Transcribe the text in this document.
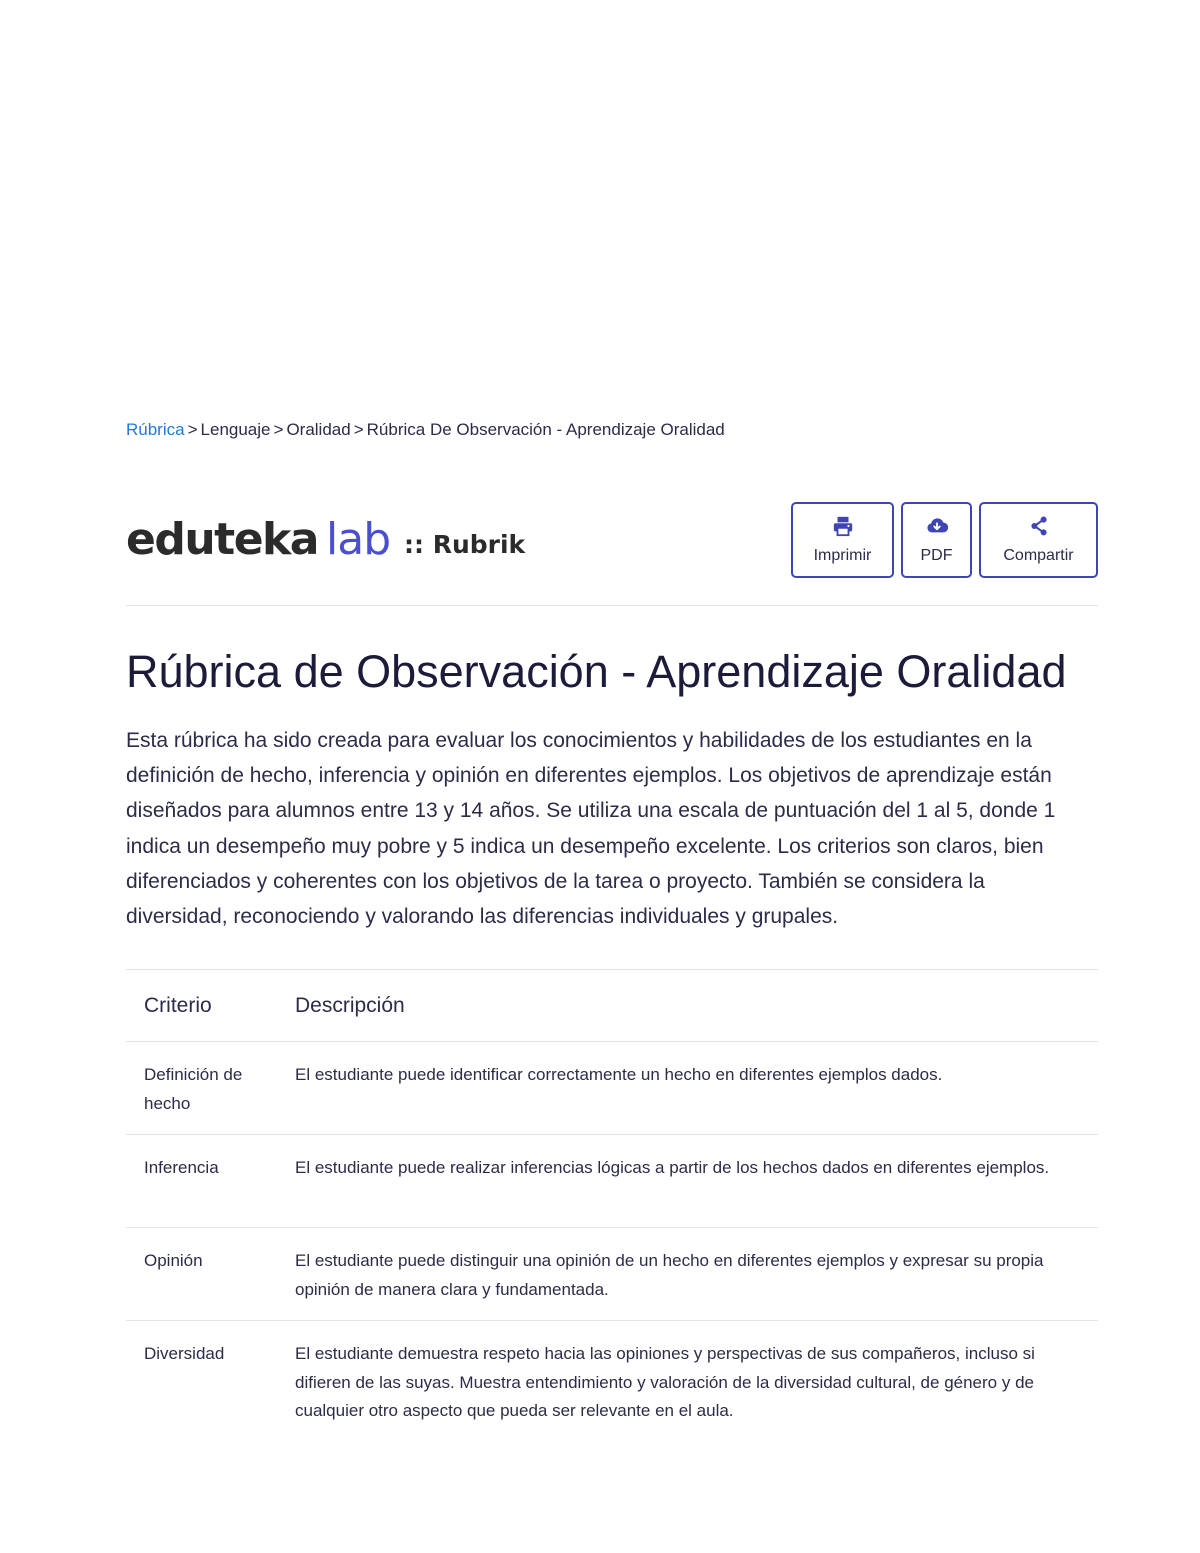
Rúbrica > Lenguaje > Oralidad > Rúbrica De Observación - Aprendizaje Oralidad
eduteka lab :: Rubrik	Imprimir	PDF	Compartir
Rúbrica de Observación - Aprendizaje Oralidad

Esta rúbrica ha sido creada para evaluar los conocimientos y habilidades de los estudiantes en la definición de hecho, inferencia y opinión en diferentes ejemplos. Los objetivos de aprendizaje están diseñados para alumnos entre 13 y 14 años. Se utiliza una escala de puntuación del 1 al 5, donde 1 indica un desempeño muy pobre y 5 indica un desempeño excelente. Los criterios son claros, bien diferenciados y coherentes con los objetivos de la tarea o proyecto. También se considera la diversidad, reconociendo y valorando las diferencias individuales y grupales.

Criterio	Descripción
Definición de hecho	El estudiante puede identificar correctamente un hecho en diferentes ejemplos dados.
Inferencia	El estudiante puede realizar inferencias lógicas a partir de los hechos dados en diferentes ejemplos.
Opinión	El estudiante puede distinguir una opinión de un hecho en diferentes ejemplos y expresar su propia opinión de manera clara y fundamentada.
Diversidad	El estudiante demuestra respeto hacia las opiniones y perspectivas de sus compañeros, incluso si difieren de las suyas. Muestra entendimiento y valoración de la diversidad cultural, de género y de cualquier otro aspecto que pueda ser relevante en el aula.
